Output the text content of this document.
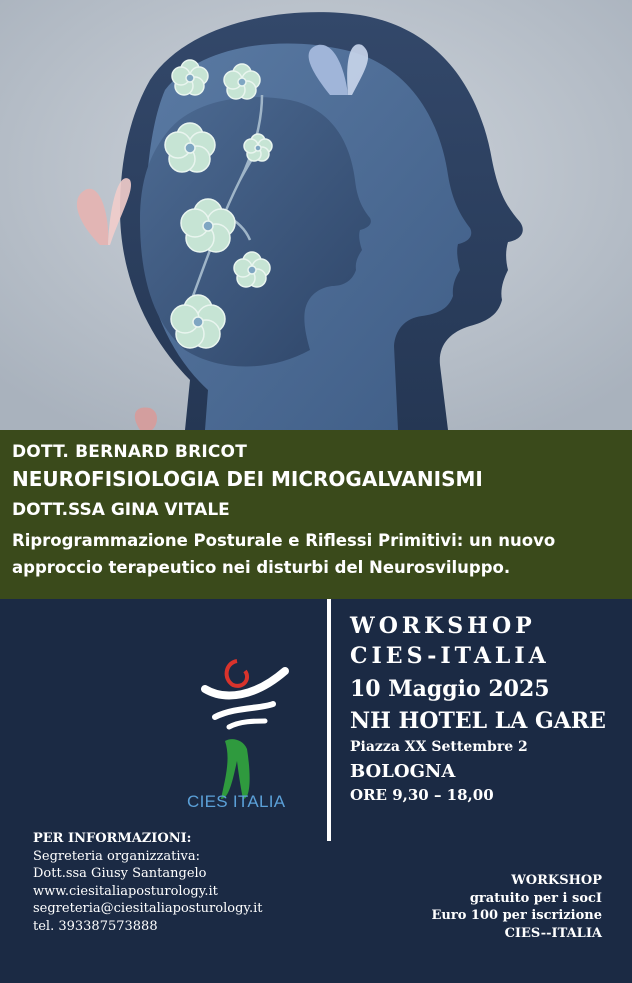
DOTT. BERNARD BRICOT
NEUROFISIOLOGIA DEI MICROGALVANISMI
DOTT.SSA GINA VITALE
Riprogrammazione Posturale e Riflessi Primitivi: un nuovo
approccio terapeutico nei disturbi del Neurosviluppo.
CIES ITALIA
WORKSHOP
CIES-ITALIA
10 Maggio 2025
NH HOTEL LA GARE
Piazza XX Settembre 2
BOLOGNA
ORE 9,30 – 18,00
PER INFORMAZIONI:
Segreteria organizzativa:
Dott.ssa Giusy Santangelo
www.ciesitaliaposturology.it
segreteria@ciesitaliaposturology.it
tel. 393387573888
WORKSHOP
gratuito per i socI
Euro 100 per iscrizione
CIES--ITALIA
